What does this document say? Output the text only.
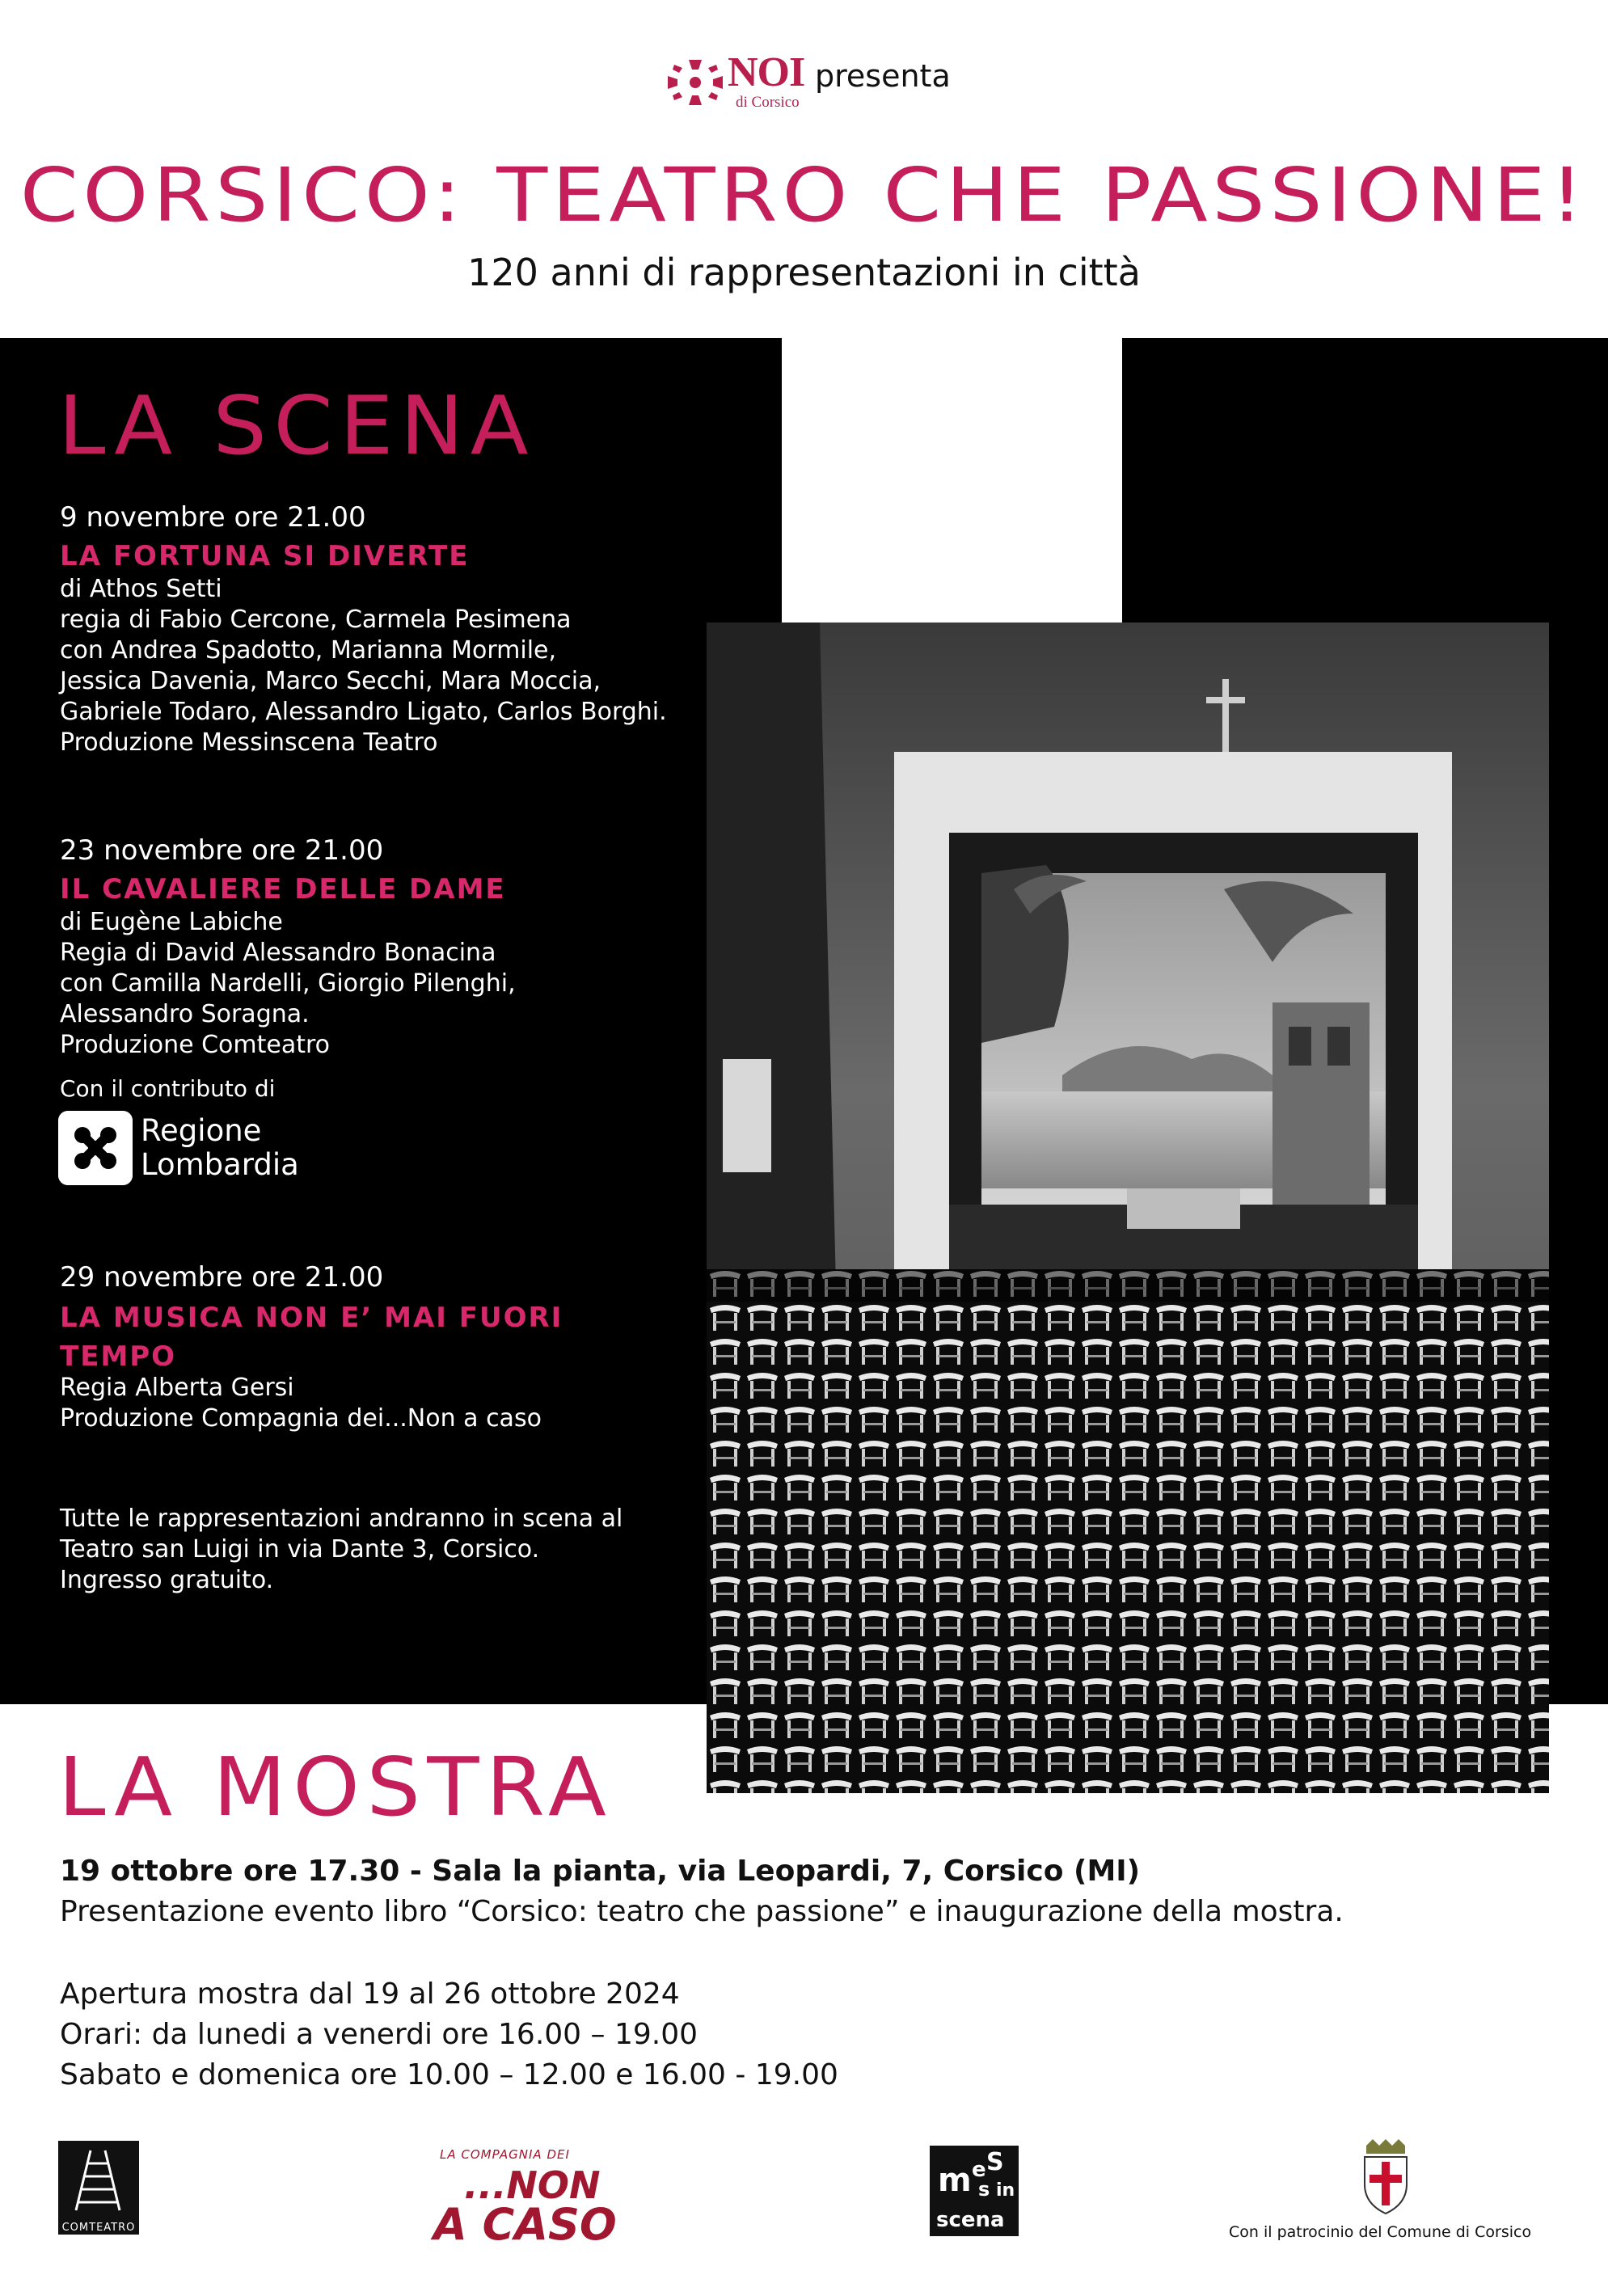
NOI
di Corsico
presenta
CORSICO: TEATRO CHE PASSIONE!
120 anni di rappresentazioni in città
LA SCENA
9 novembre ore 21.00
LA FORTUNA SI DIVERTE
di Athos Setti
regia di Fabio Cercone, Carmela Pesimena
con Andrea Spadotto, Marianna Mormile,
Jessica Davenia, Marco Secchi, Mara Moccia,
Gabriele Todaro, Alessandro Ligato, Carlos Borghi.
Produzione Messinscena Teatro
23 novembre ore 21.00
IL CAVALIERE DELLE DAME
di Eugène Labiche
Regia di David Alessandro Bonacina
con Camilla Nardelli, Giorgio Pilenghi,
Alessandro Soragna.
Produzione Comteatro
Con il contributo di
Regione
Lombardia
29 novembre ore 21.00
LA MUSICA NON E’ MAI FUORI
TEMPO
Regia Alberta Gersi
Produzione Compagnia dei...Non a caso
Tutte le rappresentazioni andranno in scena al
Teatro san Luigi in via Dante 3, Corsico.
Ingresso gratuito.
LA MOSTRA
19 ottobre ore 17.30 - Sala la pianta, via Leopardi, 7, Corsico (MI)
Presentazione evento libro “Corsico: teatro che passione” e inaugurazione della mostra.
Apertura mostra dal 19 al 26 ottobre 2024
Orari: da lunedi a venerdi ore 16.00 – 19.00
Sabato e domenica ore 10.00 – 12.00 e 16.00 - 19.00
COMTEATRO
LA COMPAGNIA DEI
...NON
A CASO
m e S
s in
scena	Con il patrocinio del Comune di Corsico
